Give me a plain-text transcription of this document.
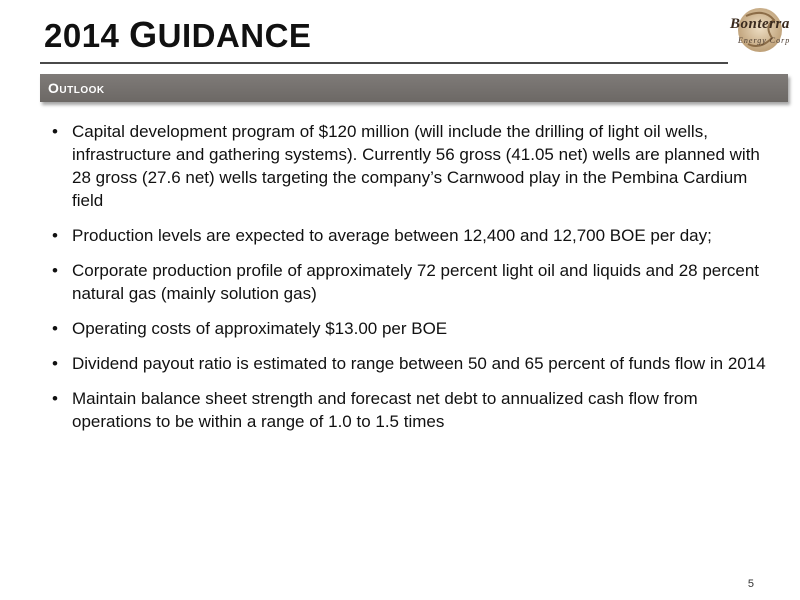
2014 GUIDANCE	Bonterra
Energy Corp
Outlook
• Capital development program of $120 million (will include the drilling of light oil wells, infrastructure and gathering systems). Currently 56 gross (41.05 net) wells are planned with 28 gross (27.6 net) wells targeting the company’s Carnwood play in the Pembina Cardium field
• Production levels are expected to average between 12,400 and 12,700 BOE per day;
• Corporate production profile of approximately 72 percent light oil and liquids and 28 percent natural gas (mainly solution gas)
• Operating costs of approximately $13.00 per BOE
• Dividend payout ratio is estimated to range between 50 and 65 percent of funds flow in 2014
• Maintain balance sheet strength and forecast net debt to annualized cash flow from operations to be within a range of 1.0 to 1.5 times
5
